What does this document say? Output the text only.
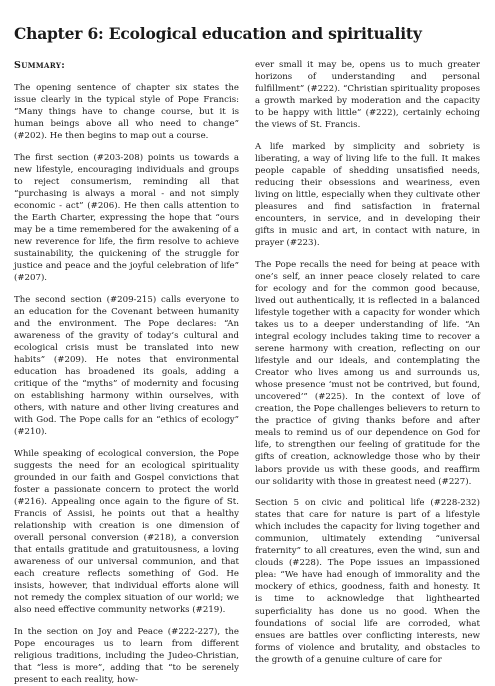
Chapter 6: Ecological education and spirituality
Summary:

The opening sentence of chapter six states the issue clearly in the typical style of Pope Francis: “Many things have to change course, but it is human beings above all who need to change” (#202). He then begins to map out a course.

The first section (#203-208) points us towards a new lifestyle, encouraging individuals and groups to reject consumerism, reminding all that “purchasing is always a moral - and not simply economic - act” (#206). He then calls attention to the Earth Charter, expressing the hope that “ours may be a time remembered for the awakening of a new reverence for life, the firm resolve to achieve sustainability, the quickening of the struggle for justice and peace and the joyful celebration of life” (#207).

The second section (#209-215) calls everyone to an education for the Covenant between humanity and the environment. The Pope declares: “An awareness of the gravity of today’s cultural and ecological crisis must be translated into new habits” (#209). He notes that environmental education has broadened its goals, adding a critique of the “myths” of modernity and focusing on establishing harmony within ourselves, with others, with nature and other living creatures and with God. The Pope calls for an “ethics of ecology” (#210).

While speaking of ecological conversion, the Pope suggests the need for an ecological spirituality grounded in our faith and Gospel convictions that foster a passionate concern to protect the world (#216). Appealing once again to the figure of St. Francis of Assisi, he points out that a healthy relationship with creation is one dimension of overall personal conversion (#218), a conversion that entails gratitude and gratuitousness, a loving awareness of our universal communion, and that each creature reflects something of God. He insists, however, that individual efforts alone will not remedy the complex situation of our world; we also need effective community networks (#219).

In the section on Joy and Peace (#222-227), the Pope encourages us to learn from different religious traditions, including the Judeo-Christian, that “less is more”, adding that “to be serenely present to each reality, how-

ever small it may be, opens us to much greater horizons of understanding and personal fulfillment” (#222). “Christian spirituality proposes a growth marked by moderation and the capacity to be happy with little” (#222), certainly echoing the views of St. Francis.

A life marked by simplicity and sobriety is liberating, a way of living life to the full. It makes people capable of shedding unsatisfied needs, reducing their obsessions and weariness, even living on little, especially when they cultivate other pleasures and find satisfaction in fraternal encounters, in service, and in developing their gifts in music and art, in contact with nature, in prayer (#223).

The Pope recalls the need for being at peace with one’s self, an inner peace closely related to care for ecology and for the common good because, lived out authentically, it is reflected in a balanced lifestyle together with a capacity for wonder which takes us to a deeper understanding of life. “An integral ecology includes taking time to recover a serene harmony with creation, reflecting on our lifestyle and our ideals, and contemplating the Creator who lives among us and surrounds us, whose presence ‘must not be contrived, but found, uncovered’” (#225). In the context of love of creation, the Pope challenges believers to return to the practice of giving thanks before and after meals to remind us of our dependence on God for life, to strengthen our feeling of gratitude for the gifts of creation, acknowledge those who by their labors provide us with these goods, and reaffirm our solidarity with those in greatest need (#227).

Section 5 on civic and political life (#228-232) states that care for nature is part of a lifestyle which includes the capacity for living together and communion, ultimately extending “universal fraternity” to all creatures, even the wind, sun and clouds (#228). The Pope issues an impassioned plea: “We have had enough of immorality and the mockery of ethics, goodness, faith and honesty. It is time to acknowledge that lighthearted superficiality has done us no good. When the foundations of social life are corroded, what ensues are battles over conflicting interests, new forms of violence and brutality, and obstacles to the growth of a genuine culture of care for
